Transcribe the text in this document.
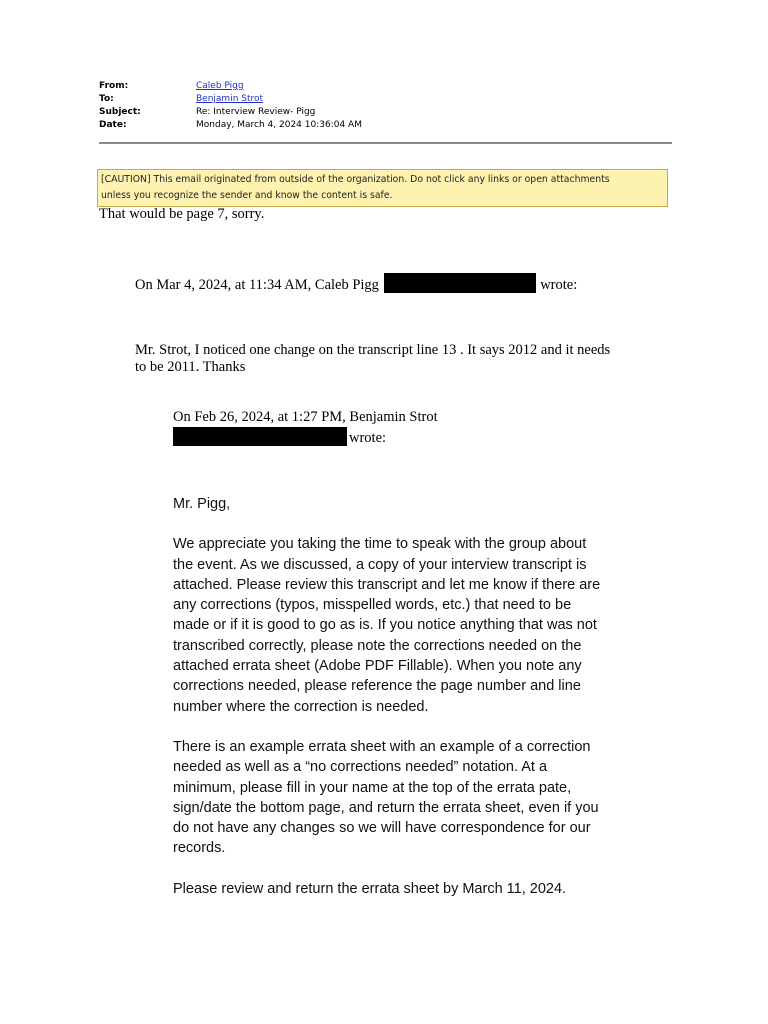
From:	Caleb Pigg
To:	Benjamin Strot
Subject:	Re: Interview Review- Pigg
Date:	Monday, March 4, 2024 10:36:04 AM
[CAUTION] This email originated from outside of the organization. Do not click any links or open attachments
unless you recognize the sender and know the content is safe.
That would be page 7, sorry.
On Mar 4, 2024, at 11:34 AM, Caleb Pigg	wrote:
Mr. Strot, I noticed one change on the transcript line 13 . It says 2012 and it needs
to be 2011. Thanks
On Feb 26, 2024, at 1:27 PM, Benjamin Strot
wrote:

Mr. Pigg,

We appreciate you taking the time to speak with the group about the event. As we discussed, a copy of your interview transcript is attached. Please review this transcript and let me know if there are any corrections (typos, misspelled words, etc.) that need to be made or if it is good to go as is. If you notice anything that was not transcribed correctly, please note the corrections needed on the attached errata sheet (Adobe PDF Fillable). When you note any corrections needed, please reference the page number and line number where the correction is needed.

There is an example errata sheet with an example of a correction needed as well as a “no corrections needed” notation. At a minimum, please fill in your name at the top of the errata pate, sign/date the bottom page, and return the errata sheet, even if you do not have any changes so we will have correspondence for our records.

Please review and return the errata sheet by March 11, 2024.
